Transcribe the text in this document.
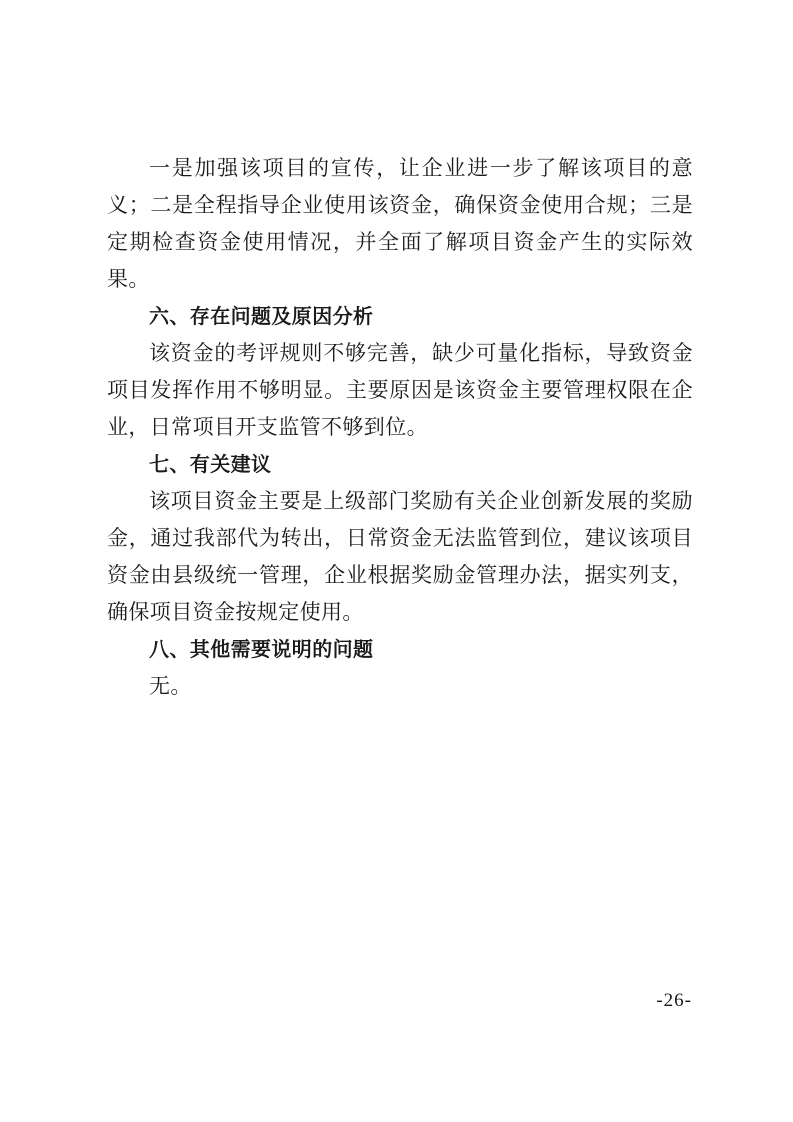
一是加强该项目的宣传，让企业进一步了解该项目的意义；二是全程指导企业使用该资金，确保资金使用合规；三是定期检查资金使用情况，并全面了解项目资金产生的实际效果。

六、存在问题及原因分析

该资金的考评规则不够完善，缺少可量化指标，导致资金项目发挥作用不够明显。主要原因是该资金主要管理权限在企业，日常项目开支监管不够到位。

七、有关建议

该项目资金主要是上级部门奖励有关企业创新发展的奖励金，通过我部代为转出，日常资金无法监管到位，建议该项目资金由县级统一管理，企业根据奖励金管理办法，据实列支，确保项目资金按规定使用。

八、其他需要说明的问题

无。

-26-
